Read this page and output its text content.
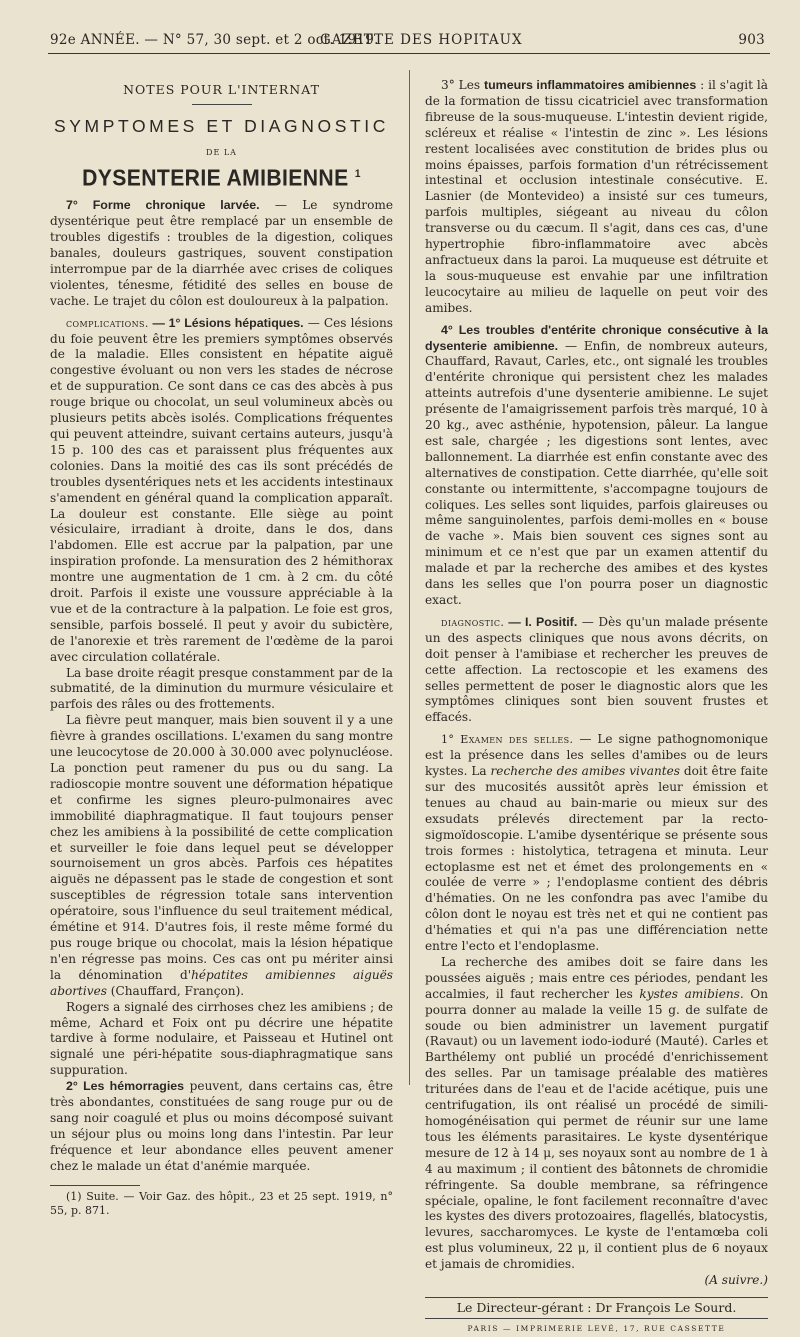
92e ANNÉE. — N° 57, 30 sept. et 2 oct. 1919.
GAZETTE DES HOPITAUX	903
NOTES POUR L'INTERNAT
SYMPTOMES ET DIAGNOSTIC
DE LA
DYSENTERIE AMIBIENNE $^1$

7° Forme chronique larvée. — Le syndrome dysentérique peut être remplacé par un ensemble de troubles digestifs : troubles de la digestion, coliques banales, douleurs gastriques, souvent constipation interrompue par de la diarrhée avec crises de coliques violentes, ténesme, fétidité des selles en bouse de vache. Le trajet du côlon est douloureux à la palpation.

complications. — 1° Lésions hépatiques. — Ces lésions du foie peuvent être les premiers symptômes observés de la maladie. Elles consistent en hépatite aiguë congestive évoluant ou non vers les stades de nécrose et de suppuration. Ce sont dans ce cas des abcès à pus rouge brique ou chocolat, un seul volumineux abcès ou plusieurs petits abcès isolés. Complications fréquentes qui peuvent atteindre, suivant certains auteurs, jusqu'à 15 p. 100 des cas et paraissent plus fréquentes aux colonies. Dans la moitié des cas ils sont précédés de troubles dysentériques nets et les accidents intestinaux s'amendent en général quand la complication apparaît. La douleur est constante. Elle siège au point vésiculaire, irradiant à droite, dans le dos, dans l'abdomen. Elle est accrue par la palpation, par une inspiration profonde. La mensuration des 2 hémithorax montre une augmentation de 1 cm. à 2 cm. du côté droit. Parfois il existe une voussure appréciable à la vue et de la contracture à la palpation. Le foie est gros, sensible, parfois bosselé. Il peut y avoir du subictère, de l'anorexie et très rarement de l'œdème de la paroi avec circulation collatérale.

La base droite réagit presque constamment par de la submatité, de la diminution du murmure vésiculaire et parfois des râles ou des frottements.

La fièvre peut manquer, mais bien souvent il y a une fièvre à grandes oscillations. L'examen du sang montre une leucocytose de 20.000 à 30.000 avec polynucléose. La ponction peut ramener du pus ou du sang. La radioscopie montre souvent une déformation hépatique et confirme les signes pleuro-pulmonaires avec immobilité diaphragmatique. Il faut toujours penser chez les amibiens à la possibilité de cette complication et surveiller le foie dans lequel peut se développer sournoisement un gros abcès. Parfois ces hépatites aiguës ne dépassent pas le stade de congestion et sont susceptibles de régression totale sans intervention opératoire, sous l'influence du seul traitement médical, émétine et 914. D'autres fois, il reste même formé du pus rouge brique ou chocolat, mais la lésion hépatique n'en régresse pas moins. Ces cas ont pu mériter ainsi la dénomination d'hépatites amibiennes aiguës abortives (Chauffard, Françon).

Rogers a signalé des cirrhoses chez les amibiens ; de même, Achard et Foix ont pu décrire une hépatite tardive à forme nodulaire, et Paisseau et Hutinel ont signalé une péri-hépatite sous-diaphragmatique sans suppuration.

2° Les hémorragies peuvent, dans certains cas, être très abondantes, constituées de sang rouge pur ou de sang noir coagulé et plus ou moins décomposé suivant un séjour plus ou moins long dans l'intestin. Par leur fréquence et leur abondance elles peuvent amener chez le malade un état d'anémie marquée.

(1) Suite. — Voir Gaz. des hôpit., 23 et 25 sept. 1919, n° 55, p. 871.

3° Les tumeurs inflammatoires amibiennes : il s'agit là de la formation de tissu cicatriciel avec transformation fibreuse de la sous-muqueuse. L'intestin devient rigide, scléreux et réalise « l'intestin de zinc ». Les lésions restent localisées avec constitution de brides plus ou moins épaisses, parfois formation d'un rétrécissement intestinal et occlusion intestinale consécutive. E. Lasnier (de Montevideo) a insisté sur ces tumeurs, parfois multiples, siégeant au niveau du côlon transverse ou du cæcum. Il s'agit, dans ces cas, d'une hypertrophie fibro-inflammatoire avec abcès anfractueux dans la paroi. La muqueuse est détruite et la sous-muqueuse est envahie par une infiltration leucocytaire au milieu de laquelle on peut voir des amibes.

4° Les troubles d'entérite chronique consécutive à la dysenterie amibienne. — Enfin, de nombreux auteurs, Chauffard, Ravaut, Carles, etc., ont signalé les troubles d'entérite chronique qui persistent chez les malades atteints autrefois d'une dysenterie amibienne. Le sujet présente de l'amaigrissement parfois très marqué, 10 à 20 kg., avec asthénie, hypotension, pâleur. La langue est sale, chargée ; les digestions sont lentes, avec ballonnement. La diarrhée est enfin constante avec des alternatives de constipation. Cette diarrhée, qu'elle soit constante ou intermittente, s'accompagne toujours de coliques. Les selles sont liquides, parfois glaireuses ou même sanguinolentes, parfois demi-molles en « bouse de vache ». Mais bien souvent ces signes sont au minimum et ce n'est que par un examen attentif du malade et par la recherche des amibes et des kystes dans les selles que l'on pourra poser un diagnostic exact.

diagnostic. — I. Positif. — Dès qu'un malade présente un des aspects cliniques que nous avons décrits, on doit penser à l'amibiase et rechercher les preuves de cette affection. La rectoscopie et les examens des selles permettent de poser le diagnostic alors que les symptômes cliniques sont bien souvent frustes et effacés.

1° Examen des selles. — Le signe pathognomonique est la présence dans les selles d'amibes ou de leurs kystes. La recherche des amibes vivantes doit être faite sur des mucosités aussitôt après leur émission et tenues au chaud au bain-marie ou mieux sur des exsudats prélevés directement par la recto-sigmoïdoscopie. L'amibe dysentérique se présente sous trois formes : histolytica, tetragena et minuta. Leur ectoplasme est net et émet des prolongements en « coulée de verre » ; l'endoplasme contient des débris d'hématies. On ne les confondra pas avec l'amibe du côlon dont le noyau est très net et qui ne contient pas d'hématies et qui n'a pas une différenciation nette entre l'ecto et l'endoplasme.

La recherche des amibes doit se faire dans les poussées aiguës ; mais entre ces périodes, pendant les accalmies, il faut rechercher les kystes amibiens. On pourra donner au malade la veille 15 g. de sulfate de soude ou bien administrer un lavement purgatif (Ravaut) ou un lavement iodo-ioduré (Mauté). Carles et Barthélemy ont publié un procédé d'enrichissement des selles. Par un tamisage préalable des matières triturées dans de l'eau et de l'acide acétique, puis une centrifugation, ils ont réalisé un procédé de simili-homogénéisation qui permet de réunir sur une lame tous les éléments parasitaires. Le kyste dysentérique mesure de 12 à 14 μ, ses noyaux sont au nombre de 1 à 4 au maximum ; il contient des bâtonnets de chromidie réfringente. Sa double membrane, sa réfringence spéciale, opaline, le font facilement reconnaître d'avec les kystes des divers protozoaires, flagellés, blatocystis, levures, saccharomyces. Le kyste de l'entamœba coli est plus volumineux, 22 μ, il contient plus de 6 noyaux et jamais de chromidies.

(A suivre.)

Le Directeur-gérant : Dr François Le Sourd.
PARIS — IMPRIMERIE LEVÉ, 17, RUE CASSETTE
